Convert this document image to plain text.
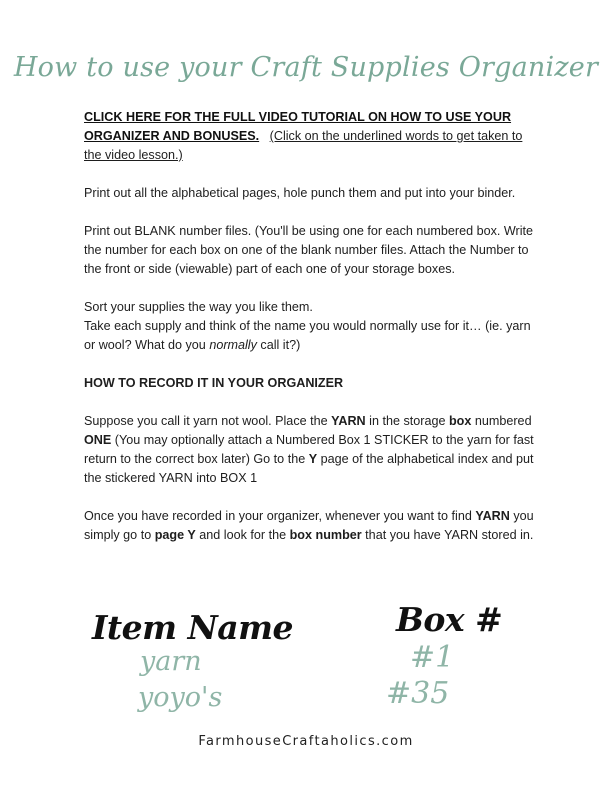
How to use your Craft Supplies Organizer

CLICK HERE FOR THE FULL VIDEO TUTORIAL ON HOW TO USE YOUR ORGANIZER AND BONUSES. (Click on the underlined words to get taken to the video lesson.)

Print out all the alphabetical pages, hole punch them and put into your binder.

Print out BLANK number files. (You'll be using one for each numbered box. Write the number for each box on one of the blank number files. Attach the Number to the front or side (viewable) part of each one of your storage boxes.

Sort your supplies the way you like them.

Take each supply and think of the name you would normally use for it… (ie. yarn or wool? What do you normally call it?)

HOW TO RECORD IT IN YOUR ORGANIZER

Suppose you call it yarn not wool. Place the YARN in the storage box numbered ONE (You may optionally attach a Numbered Box 1 STICKER to the yarn for fast return to the correct box later) Go to the Y page of the alphabetical index and put the stickered YARN into BOX 1

Once you have recorded in your organizer, whenever you want to find YARN you simply go to page Y and look for the box number that you have YARN stored in.

Item Name	Box #
yarn
yoyo's
#1
#35
FarmhouseCraftaholics.com
